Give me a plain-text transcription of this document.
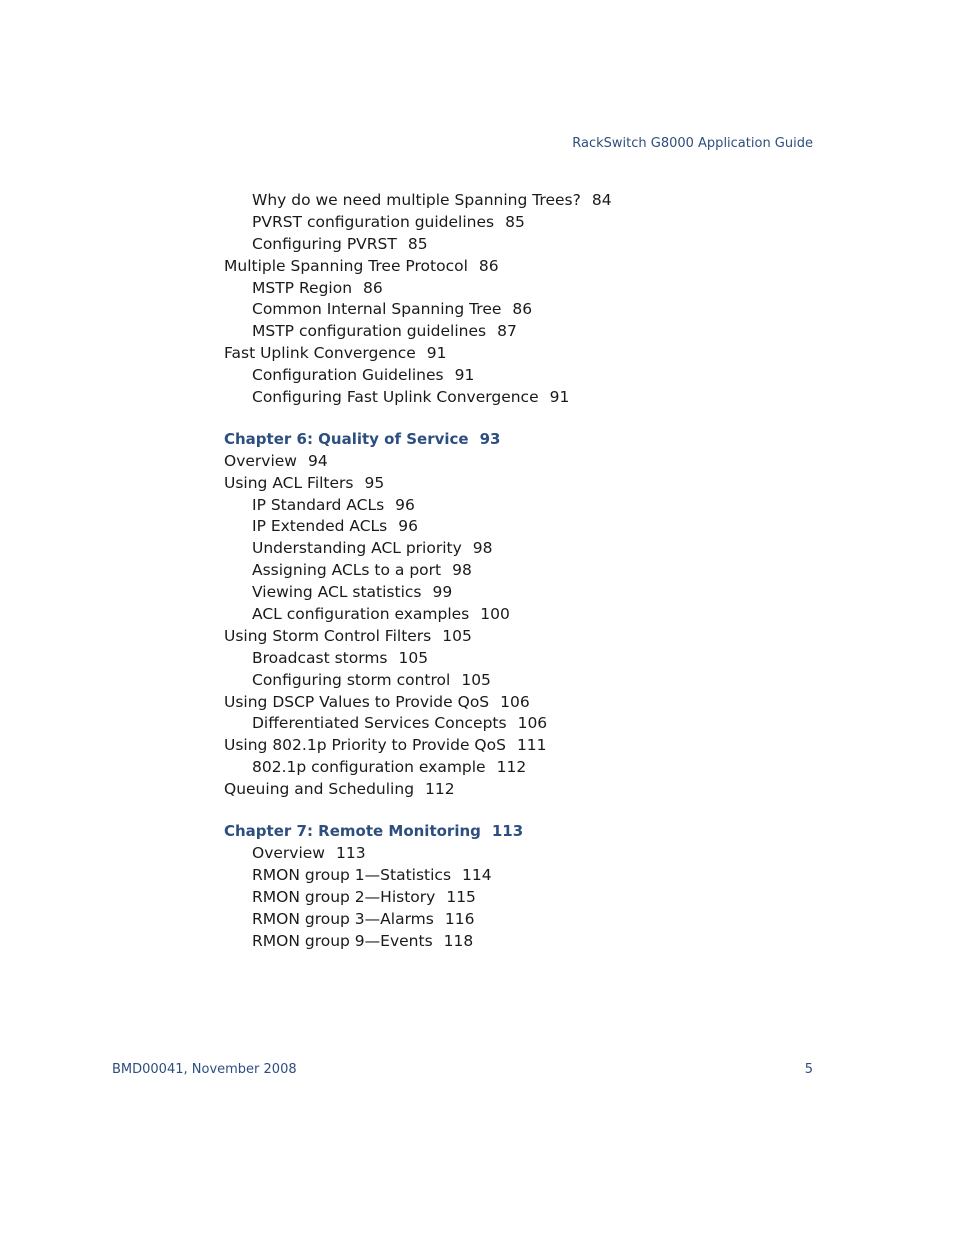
RackSwitch G8000 Application Guide
Why do we need multiple Spanning Trees? 84
PVRST configuration guidelines 85
Configuring PVRST 85
Multiple Spanning Tree Protocol 86
MSTP Region 86
Common Internal Spanning Tree 86
MSTP configuration guidelines 87
Fast Uplink Convergence 91
Configuration Guidelines 91
Configuring Fast Uplink Convergence 91
Chapter 6: Quality of Service 93
Overview 94
Using ACL Filters 95
IP Standard ACLs 96
IP Extended ACLs 96
Understanding ACL priority 98
Assigning ACLs to a port 98
Viewing ACL statistics 99
ACL configuration examples 100
Using Storm Control Filters 105
Broadcast storms 105
Configuring storm control 105
Using DSCP Values to Provide QoS 106
Differentiated Services Concepts 106
Using 802.1p Priority to Provide QoS 111
802.1p configuration example 112
Queuing and Scheduling 112
Chapter 7: Remote Monitoring 113
Overview 113
RMON group 1—Statistics 114
RMON group 2—History 115
RMON group 3—Alarms 116
RMON group 9—Events 118
BMD00041, November 2008	5
